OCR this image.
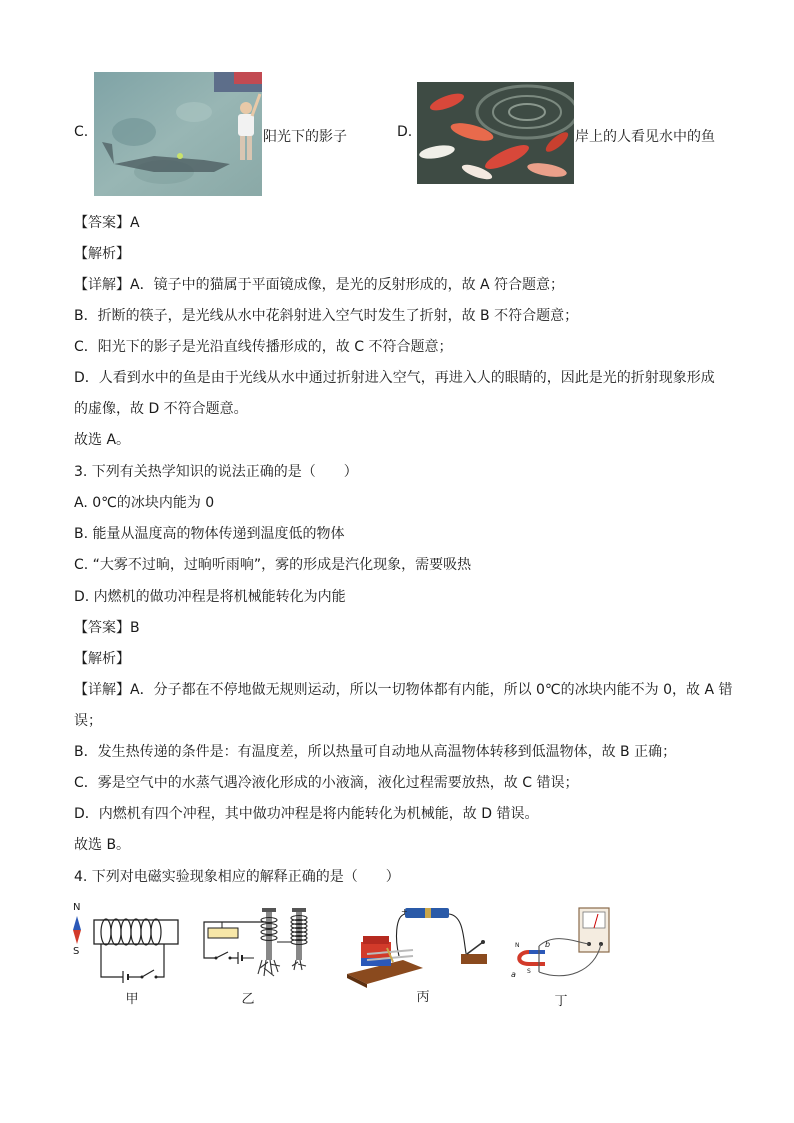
C.	阳光下的影子	D.	岸上的人看见水中的鱼
【答案】A
【解析】
【详解】A．镜子中的猫属于平面镜成像，是光的反射形成的，故 A 符合题意；
B．折断的筷子，是光线从水中花斜射进入空气时发生了折射，故 B 不符合题意；
C．阳光下的影子是光沿直线传播形成的，故 C 不符合题意；
D．人看到水中的鱼是由于光线从水中通过折射进入空气，再进入人的眼睛的，因此是光的折射现象形成
的虚像，故 D 不符合题意。
故选 A。
3. 下列有关热学知识的说法正确的是（　　）
A. 0℃的冰块内能为 0
B. 能量从温度高的物体传递到温度低的物体
C. “大雾不过晌，过晌听雨响”，雾的形成是汽化现象，需要吸热
D. 内燃机的做功冲程是将机械能转化为内能
【答案】B
【解析】
【详解】A．分子都在不停地做无规则运动，所以一切物体都有内能，所以 0℃的冰块内能不为 0，故 A 错
误；
B．发生热传递的条件是：有温度差，所以热量可自动地从高温物体转移到低温物体，故 B 正确；
C．雾是空气中的水蒸气遇冷液化形成的小液滴，液化过程需要放热，故 C 错误；
D．内燃机有四个冲程，其中做功冲程是将内能转化为机械能，故 D 错误。
故选 B。
4. 下列对电磁实验现象相应的解释正确的是（　　）
N
S
甲	乙
+
丙
b
a
N
S
丁
